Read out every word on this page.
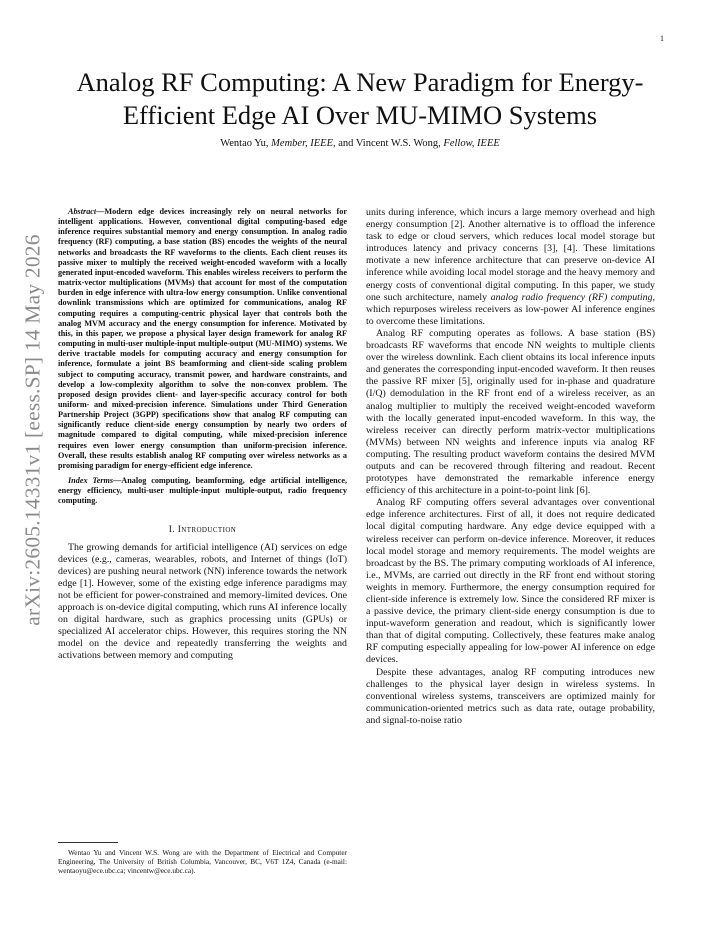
1
arXiv:2605.14331v1 [eess.SP] 14 May 2026
Analog RF Computing: A New Paradigm for Energy-Efficient Edge AI Over MU-MIMO Systems
Wentao Yu, Member, IEEE, and Vincent W.S. Wong, Fellow, IEEE

Abstract—Modern edge devices increasingly rely on neural networks for intelligent applications. However, conventional digital computing-based edge inference requires substantial memory and energy consumption. In analog radio frequency (RF) computing, a base station (BS) encodes the weights of the neural networks and broadcasts the RF waveforms to the clients. Each client reuses its passive mixer to multiply the received weight-encoded waveform with a locally generated input-encoded waveform. This enables wireless receivers to perform the matrix-vector multiplications (MVMs) that account for most of the computation burden in edge inference with ultra-low energy consumption. Unlike conventional downlink transmissions which are optimized for communications, analog RF computing requires a computing-centric physical layer that controls both the analog MVM accuracy and the energy consumption for inference. Motivated by this, in this paper, we propose a physical layer design framework for analog RF computing in multi-user multiple-input multiple-output (MU-MIMO) systems. We derive tractable models for computing accuracy and energy consumption for inference, formulate a joint BS beamforming and client-side scaling problem subject to computing accuracy, transmit power, and hardware constraints, and develop a low-complexity algorithm to solve the non-convex problem. The proposed design provides client- and layer-specific accuracy control for both uniform- and mixed-precision inference. Simulations under Third Generation Partnership Project (3GPP) specifications show that analog RF computing can significantly reduce client-side energy consumption by nearly two orders of magnitude compared to digital computing, while mixed-precision inference requires even lower energy consumption than uniform-precision inference. Overall, these results establish analog RF computing over wireless networks as a promising paradigm for energy-efficient edge inference.

Index Terms—Analog computing, beamforming, edge artificial intelligence, energy efficiency, multi-user multiple-input multiple-output, radio frequency computing.

I. Introduction

The growing demands for artificial intelligence (AI) services on edge devices (e.g., cameras, wearables, robots, and Internet of things (IoT) devices) are pushing neural network (NN) inference towards the network edge [1]. However, some of the existing edge inference paradigms may not be efficient for power-constrained and memory-limited devices. One approach is on-device digital computing, which runs AI inference locally on digital hardware, such as graphics processing units (GPUs) or specialized AI accelerator chips. However, this requires storing the NN model on the device and repeatedly transferring the weights and activations between memory and computing

Wentao Yu and Vincent W.S. Wong are with the Department of Electrical and Computer Engineering, The University of British Columbia, Vancouver, BC, V6T 1Z4, Canada (e-mail: wentaoyu@ece.ubc.ca; vincentw@ece.ubc.ca).

units during inference, which incurs a large memory overhead and high energy consumption [2]. Another alternative is to offload the inference task to edge or cloud servers, which reduces local model storage but introduces latency and privacy concerns [3], [4]. These limitations motivate a new inference architecture that can preserve on-device AI inference while avoiding local model storage and the heavy memory and energy costs of conventional digital computing. In this paper, we study one such architecture, namely analog radio frequency (RF) computing, which repurposes wireless receivers as low-power AI inference engines to overcome these limitations.

Analog RF computing operates as follows. A base station (BS) broadcasts RF waveforms that encode NN weights to multiple clients over the wireless downlink. Each client obtains its local inference inputs and generates the corresponding input-encoded waveform. It then reuses the passive RF mixer [5], originally used for in-phase and quadrature (I/Q) demodulation in the RF front end of a wireless receiver, as an analog multiplier to multiply the received weight-encoded waveform with the locally generated input-encoded waveform. In this way, the wireless receiver can directly perform matrix-vector multiplications (MVMs) between NN weights and inference inputs via analog RF computing. The resulting product waveform contains the desired MVM outputs and can be recovered through filtering and readout. Recent prototypes have demonstrated the remarkable inference energy efficiency of this architecture in a point-to-point link [6].

Analog RF computing offers several advantages over conventional edge inference architectures. First of all, it does not require dedicated local digital computing hardware. Any edge device equipped with a wireless receiver can perform on-device inference. Moreover, it reduces local model storage and memory requirements. The model weights are broadcast by the BS. The primary computing workloads of AI inference, i.e., MVMs, are carried out directly in the RF front end without storing weights in memory. Furthermore, the energy consumption required for client-side inference is extremely low. Since the considered RF mixer is a passive device, the primary client-side energy consumption is due to input-waveform generation and readout, which is significantly lower than that of digital computing. Collectively, these features make analog RF computing especially appealing for low-power AI inference on edge devices.

Despite these advantages, analog RF computing introduces new challenges to the physical layer design in wireless systems. In conventional wireless systems, transceivers are optimized mainly for communication-oriented metrics such as data rate, outage probability, and signal-to-noise ratio
